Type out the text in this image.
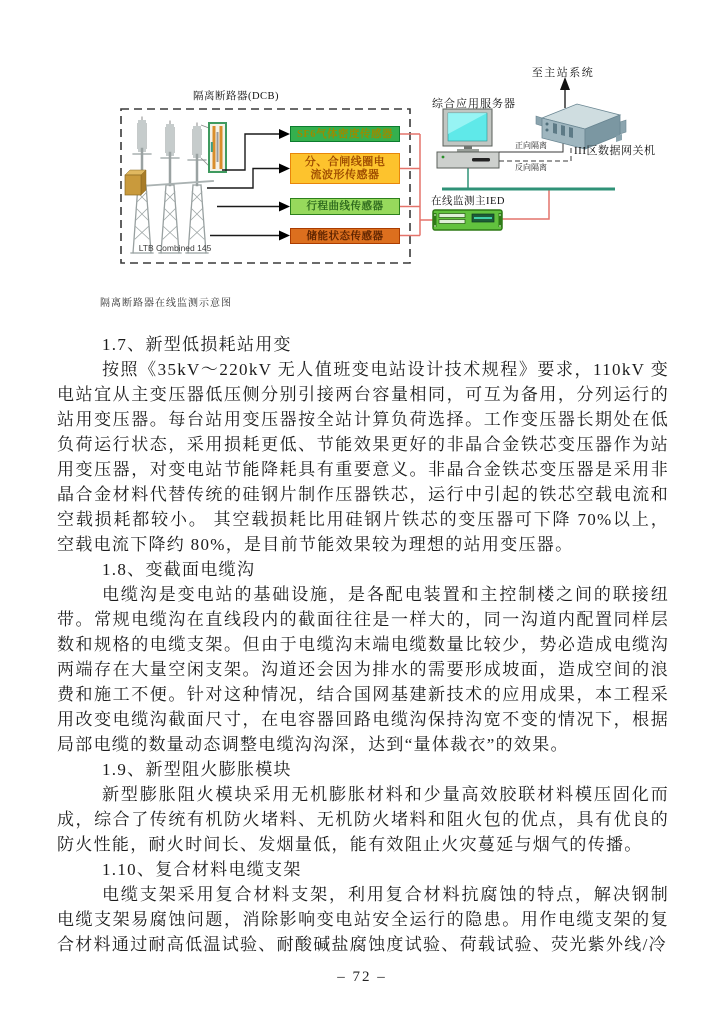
隔离断路器(DCB)
LTB Combined 145
综合应用服务器
至主站系统
III区数据网关机
在线监测主IED
正向隔离
反向隔离
SF6气体密度传感器
分、合闸线圈电流波形传感器
行程曲线传感器
储能状态传感器
隔离断路器在线监测示意图

1.7、新型低损耗站用变

按照《35kV～220kV 无人值班变电站设计技术规程》要求，110kV 变电站宜从主变压器低压侧分别引接两台容量相同，可互为备用，分列运行的站用变压器。每台站用变压器按全站计算负荷选择。工作变压器长期处在低负荷运行状态，采用损耗更低、节能效果更好的非晶合金铁芯变压器作为站用变压器，对变电站节能降耗具有重要意义。非晶合金铁芯变压器是采用非晶合金材料代替传统的硅钢片制作压器铁芯，运行中引起的铁芯空载电流和空载损耗都较小。 其空载损耗比用硅钢片铁芯的变压器可下降 70%以上，空载电流下降约 80%，是目前节能效果较为理想的站用变压器。

1.8、变截面电缆沟

电缆沟是变电站的基础设施，是各配电装置和主控制楼之间的联接纽带。常规电缆沟在直线段内的截面往往是一样大的，同一沟道内配置同样层数和规格的电缆支架。但由于电缆沟末端电缆数量比较少，势必造成电缆沟两端存在大量空闲支架。沟道还会因为排水的需要形成坡面，造成空间的浪费和施工不便。针对这种情况，结合国网基建新技术的应用成果，本工程采用改变电缆沟截面尺寸，在电容器回路电缆沟保持沟宽不变的情况下，根据局部电缆的数量动态调整电缆沟沟深，达到“量体裁衣”的效果。

1.9、新型阻火膨胀模块

新型膨胀阻火模块采用无机膨胀材料和少量高效胶联材料模压固化而成，综合了传统有机防火堵料、无机防火堵料和阻火包的优点，具有优良的防火性能，耐火时间长、发烟量低，能有效阻止火灾蔓延与烟气的传播。

1.10、复合材料电缆支架

电缆支架采用复合材料支架，利用复合材料抗腐蚀的特点，解决钢制电缆支架易腐蚀问题，消除影响变电站安全运行的隐患。用作电缆支架的复合材料通过耐高低温试验、耐酸碱盐腐蚀度试验、荷载试验、荧光紫外线/冷

– 72 –
